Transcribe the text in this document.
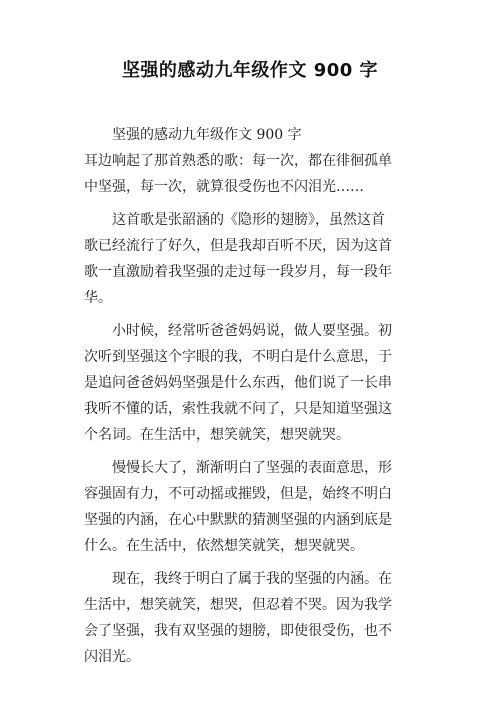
坚强的感动九年级作文 900 字
坚强的感动九年级作文 900 字
耳边响起了那首熟悉的歌：每一次，都在徘徊孤单
中坚强，每一次，就算很受伤也不闪泪光……
这首歌是张韶涵的《隐形的翅膀》，虽然这首
歌已经流行了好久，但是我却百听不厌，因为这首
歌一直激励着我坚强的走过每一段岁月，每一段年
华。
小时候，经常听爸爸妈妈说，做人要坚强。初
次听到坚强这个字眼的我，不明白是什么意思，于
是追问爸爸妈妈坚强是什么东西，他们说了一长串
我听不懂的话，索性我就不问了，只是知道坚强这
个名词。在生活中，想笑就笑，想哭就哭。
慢慢长大了，渐渐明白了坚强的表面意思，形
容强固有力，不可动摇或摧毁，但是，始终不明白
坚强的内涵，在心中默默的猜测坚强的内涵到底是
什么。在生活中，依然想笑就笑，想哭就哭。
现在，我终于明白了属于我的坚强的内涵。在
生活中，想笑就笑，想哭，但忍着不哭。因为我学
会了坚强，我有双坚强的翅膀，即使很受伤，也不
闪泪光。
